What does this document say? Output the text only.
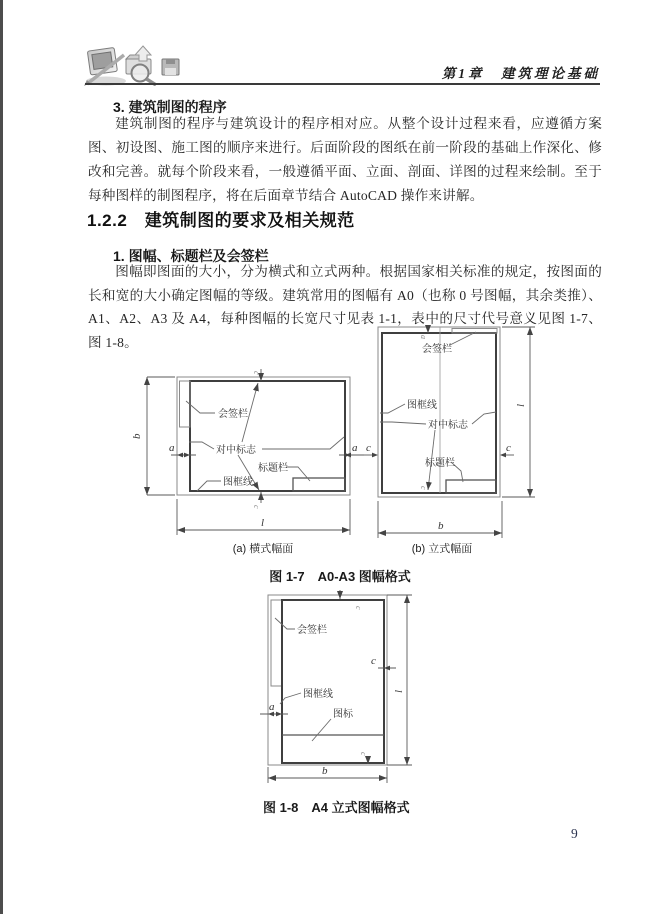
第1章　建筑理论基础
3. 建筑制图的程序
建筑制图的程序与建筑设计的程序相对应。从整个设计过程来看，应遵循方案图、初设图、施工图的顺序来进行。后面阶段的图纸在前一阶段的基础上作深化、修改和完善。就每个阶段来看，一般遵循平面、立面、剖面、详图的过程来绘制。至于每种图样的制图程序，将在后面章节结合 AutoCAD 操作来讲解。
1.2.2　建筑制图的要求及相关规范
1. 图幅、标题栏及会签栏
图幅即图面的大小，分为横式和立式两种。根据国家相关标准的规定，按图面的长和宽的大小确定图幅的等级。建筑常用的图幅有 A0（也称 0 号图幅，其余类推）、A1、A2、A3 及 A4，每种图幅的长宽尺寸见表 1-1，表中的尺寸代号意义见图 1-7、图 1-8。
c
c
a	a
会签栏
对中标志
标题栏
图框线
b
l
(a) 横式幅面
a
c	c
c
会签栏
图框线
对中标志
标题栏
l
b
(b) 立式幅面
图 1-7　A0-A3 图幅格式
c
c
a
c
会签栏
图框线
图标
l
b
图 1-8　A4 立式图幅格式
9
